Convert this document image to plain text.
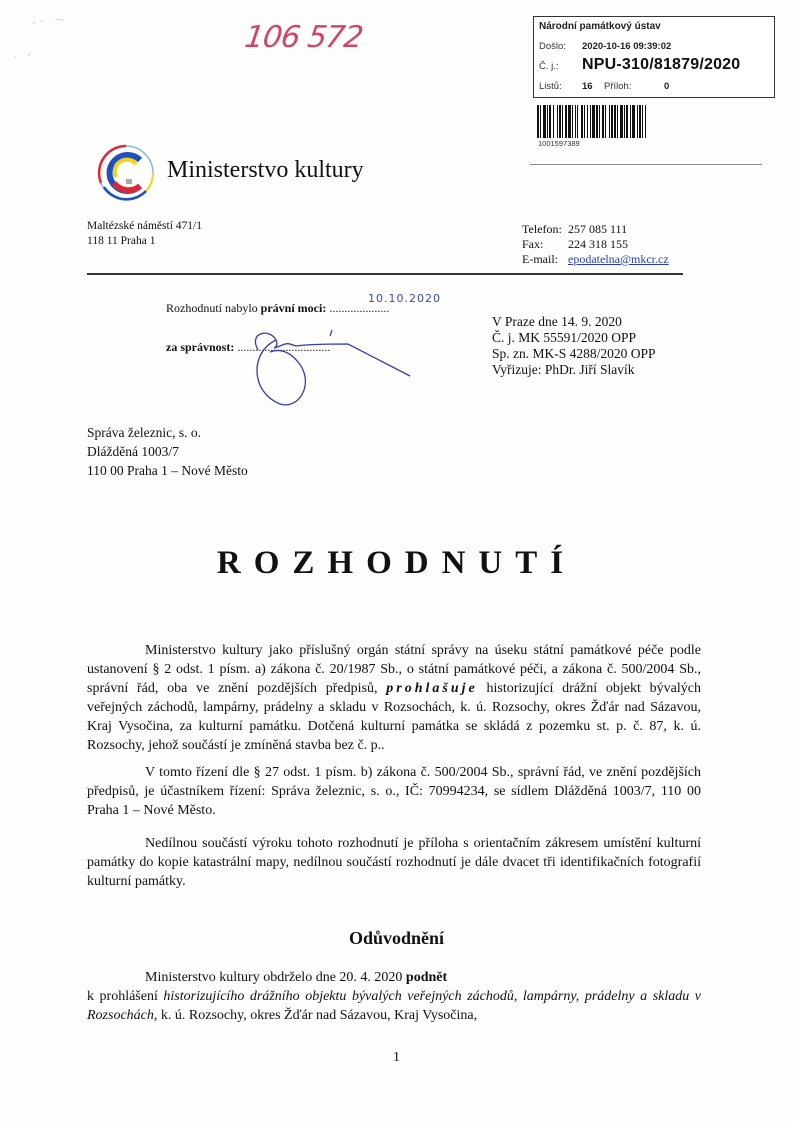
ᐟ ˜   ⌒
·   ᐟ
106 572	Národní památkový ústav
Došlo: 2020-10-16 09:39:02
Č. j.: NPU-310/81879/2020
Listů: 16 Příloh:	0
1001597389
Ministerstvo kultury
Maltézské náměstí 471/1
118 11 Praha 1
Telefon: 257 085 111
Fax: 224 318 155
E-mail: epodatelna@mkcr.cz
10.10.2020
Rozhodnutí nabylo právní moci: ....................
za správnost: ...............................
V Praze dne 14. 9. 2020
Č. j. MK 55591/2020 OPP
Sp. zn. MK-S 4288/2020 OPP
Vyřizuje: PhDr. Jiří Slavík
Správa železnic, s. o.
Dlážděná 1003/7
110 00 Praha 1 – Nové Město
ROZHODNUTÍ

Ministerstvo kultury jako příslušný orgán státní správy na úseku státní památkové péče podle ustanovení § 2 odst. 1 písm. a) zákona č. 20/1987 Sb., o státní památkové péči, a zákona č. 500/2004 Sb., správní řád, oba ve znění pozdějších předpisů, prohlašuje historizující drážní objekt bývalých veřejných záchodů, lampárny, prádelny a skladu v Rozsochách, k. ú. Rozsochy, okres Žďár nad Sázavou, Kraj Vysočina, za kulturní památku. Dotčená kulturní památka se skládá z pozemku st. p. č. 87, k. ú. Rozsochy, jehož součástí je zmíněná stavba bez č. p..

V tomto řízení dle § 27 odst. 1 písm. b) zákona č. 500/2004 Sb., správní řád, ve znění pozdějších předpisů, je účastníkem řízení: Správa železnic, s. o., IČ: 70994234, se sídlem Dlážděná 1003/7, 110 00 Praha 1 – Nové Město.

Nedílnou součástí výroku tohoto rozhodnutí je příloha s orientačním zákresem umístění kulturní památky do kopie katastrální mapy, nedílnou součástí rozhodnutí je dále dvacet tři identifikačních fotografií kulturní památky.

Odůvodnění

Ministerstvo kultury obdrželo dne 20. 4. 2020 podnět

k prohlášení historizujícího drážního objektu bývalých veřejných záchodů, lampárny, prádelny a skladu v Rozsochách, k. ú. Rozsochy, okres Žďár nad Sázavou, Kraj Vysočina,
1
